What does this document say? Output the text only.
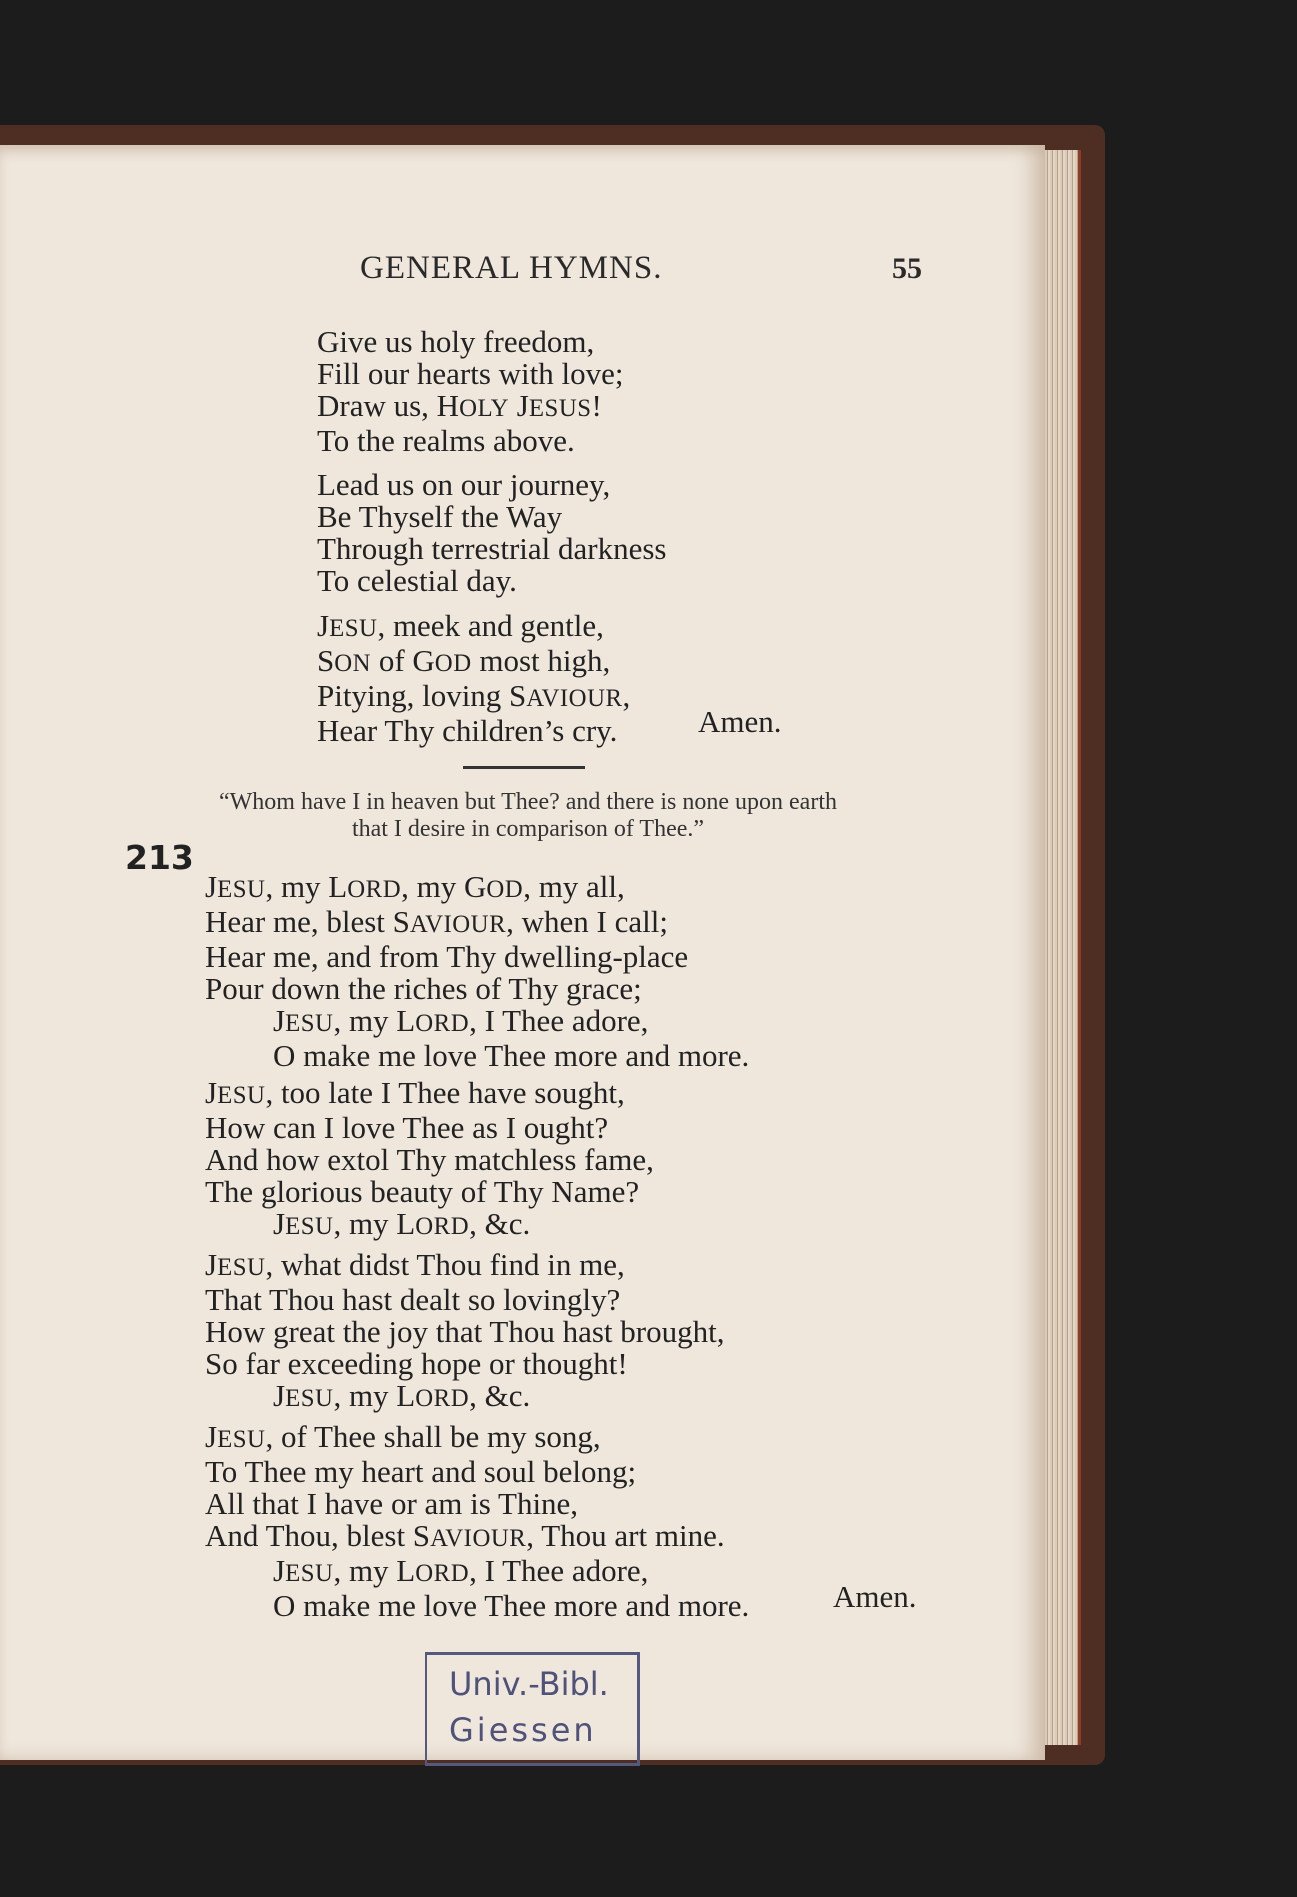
GENERAL HYMNS.	55
Give us holy freedom,
Fill our hearts with love;
Draw us, HOLY JESUS!
To the realms above.
Lead us on our journey,
Be Thyself the Way
Through terrestrial darkness
To celestial day.
JESU, meek and gentle,
SON of GOD most high,
Pitying, loving SAVIOUR,
Hear Thy children’s cry.	Amen.
“Whom have I in heaven but Thee? and there is none upon earth
that I desire in comparison of Thee.”
213
JESU, my LORD, my GOD, my all,
Hear me, blest SAVIOUR, when I call;
Hear me, and from Thy dwelling-place
Pour down the riches of Thy grace;
JESU, my LORD, I Thee adore,
O make me love Thee more and more.
JESU, too late I Thee have sought,
How can I love Thee as I ought?
And how extol Thy matchless fame,
The glorious beauty of Thy Name?
JESU, my LORD, &c.
JESU, what didst Thou find in me,
That Thou hast dealt so lovingly?
How great the joy that Thou hast brought,
So far exceeding hope or thought!
JESU, my LORD, &c.
JESU, of Thee shall be my song,
To Thee my heart and soul belong;
All that I have or am is Thine,
And Thou, blest SAVIOUR, Thou art mine.
JESU, my LORD, I Thee adore,
O make me love Thee more and more.	Amen.
Univ.-Bibl.
Giessen
